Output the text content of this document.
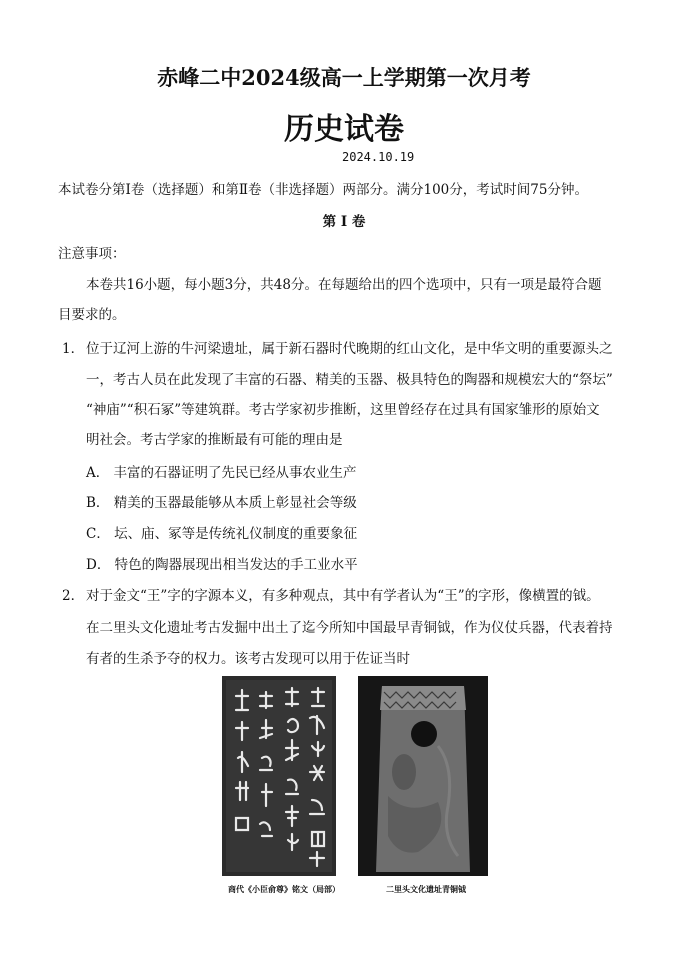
赤峰二中2024级高一上学期第一次月考
历史试卷
2024.10.19
本试卷分第Ⅰ卷（选择题）和第Ⅱ卷（非选择题）两部分。满分100分，考试时间75分钟。
第 Ⅰ 卷
注意事项：
本卷共16小题，每小题3分，共48分。在每题给出的四个选项中，只有一项是最符合题
目要求的。
1． 位于辽河上游的牛河梁遗址，属于新石器时代晚期的红山文化，是中华文明的重要源头之
一，考古人员在此发现了丰富的石器、精美的玉器、极具特色的陶器和规模宏大的“祭坛”
“神庙”“积石冢”等建筑群。考古学家初步推断，这里曾经存在过具有国家雏形的原始文
明社会。考古学家的推断最有可能的理由是
A． 丰富的石器证明了先民已经从事农业生产
B． 精美的玉器最能够从本质上彰显社会等级
C． 坛、庙、冢等是传统礼仪制度的重要象征
D． 特色的陶器展现出相当发达的手工业水平
2． 对于金文“王”字的字源本义，有多种观点，其中有学者认为“王”的字形，像横置的钺。
在二里头文化遗址考古发掘中出土了迄今所知中国最早青铜钺，作为仪仗兵器，代表着持
有者的生杀予夺的权力。该考古发现可以用于佐证当时
商代《小臣俞尊》铭文（局部）	二里头文化遗址青铜钺
